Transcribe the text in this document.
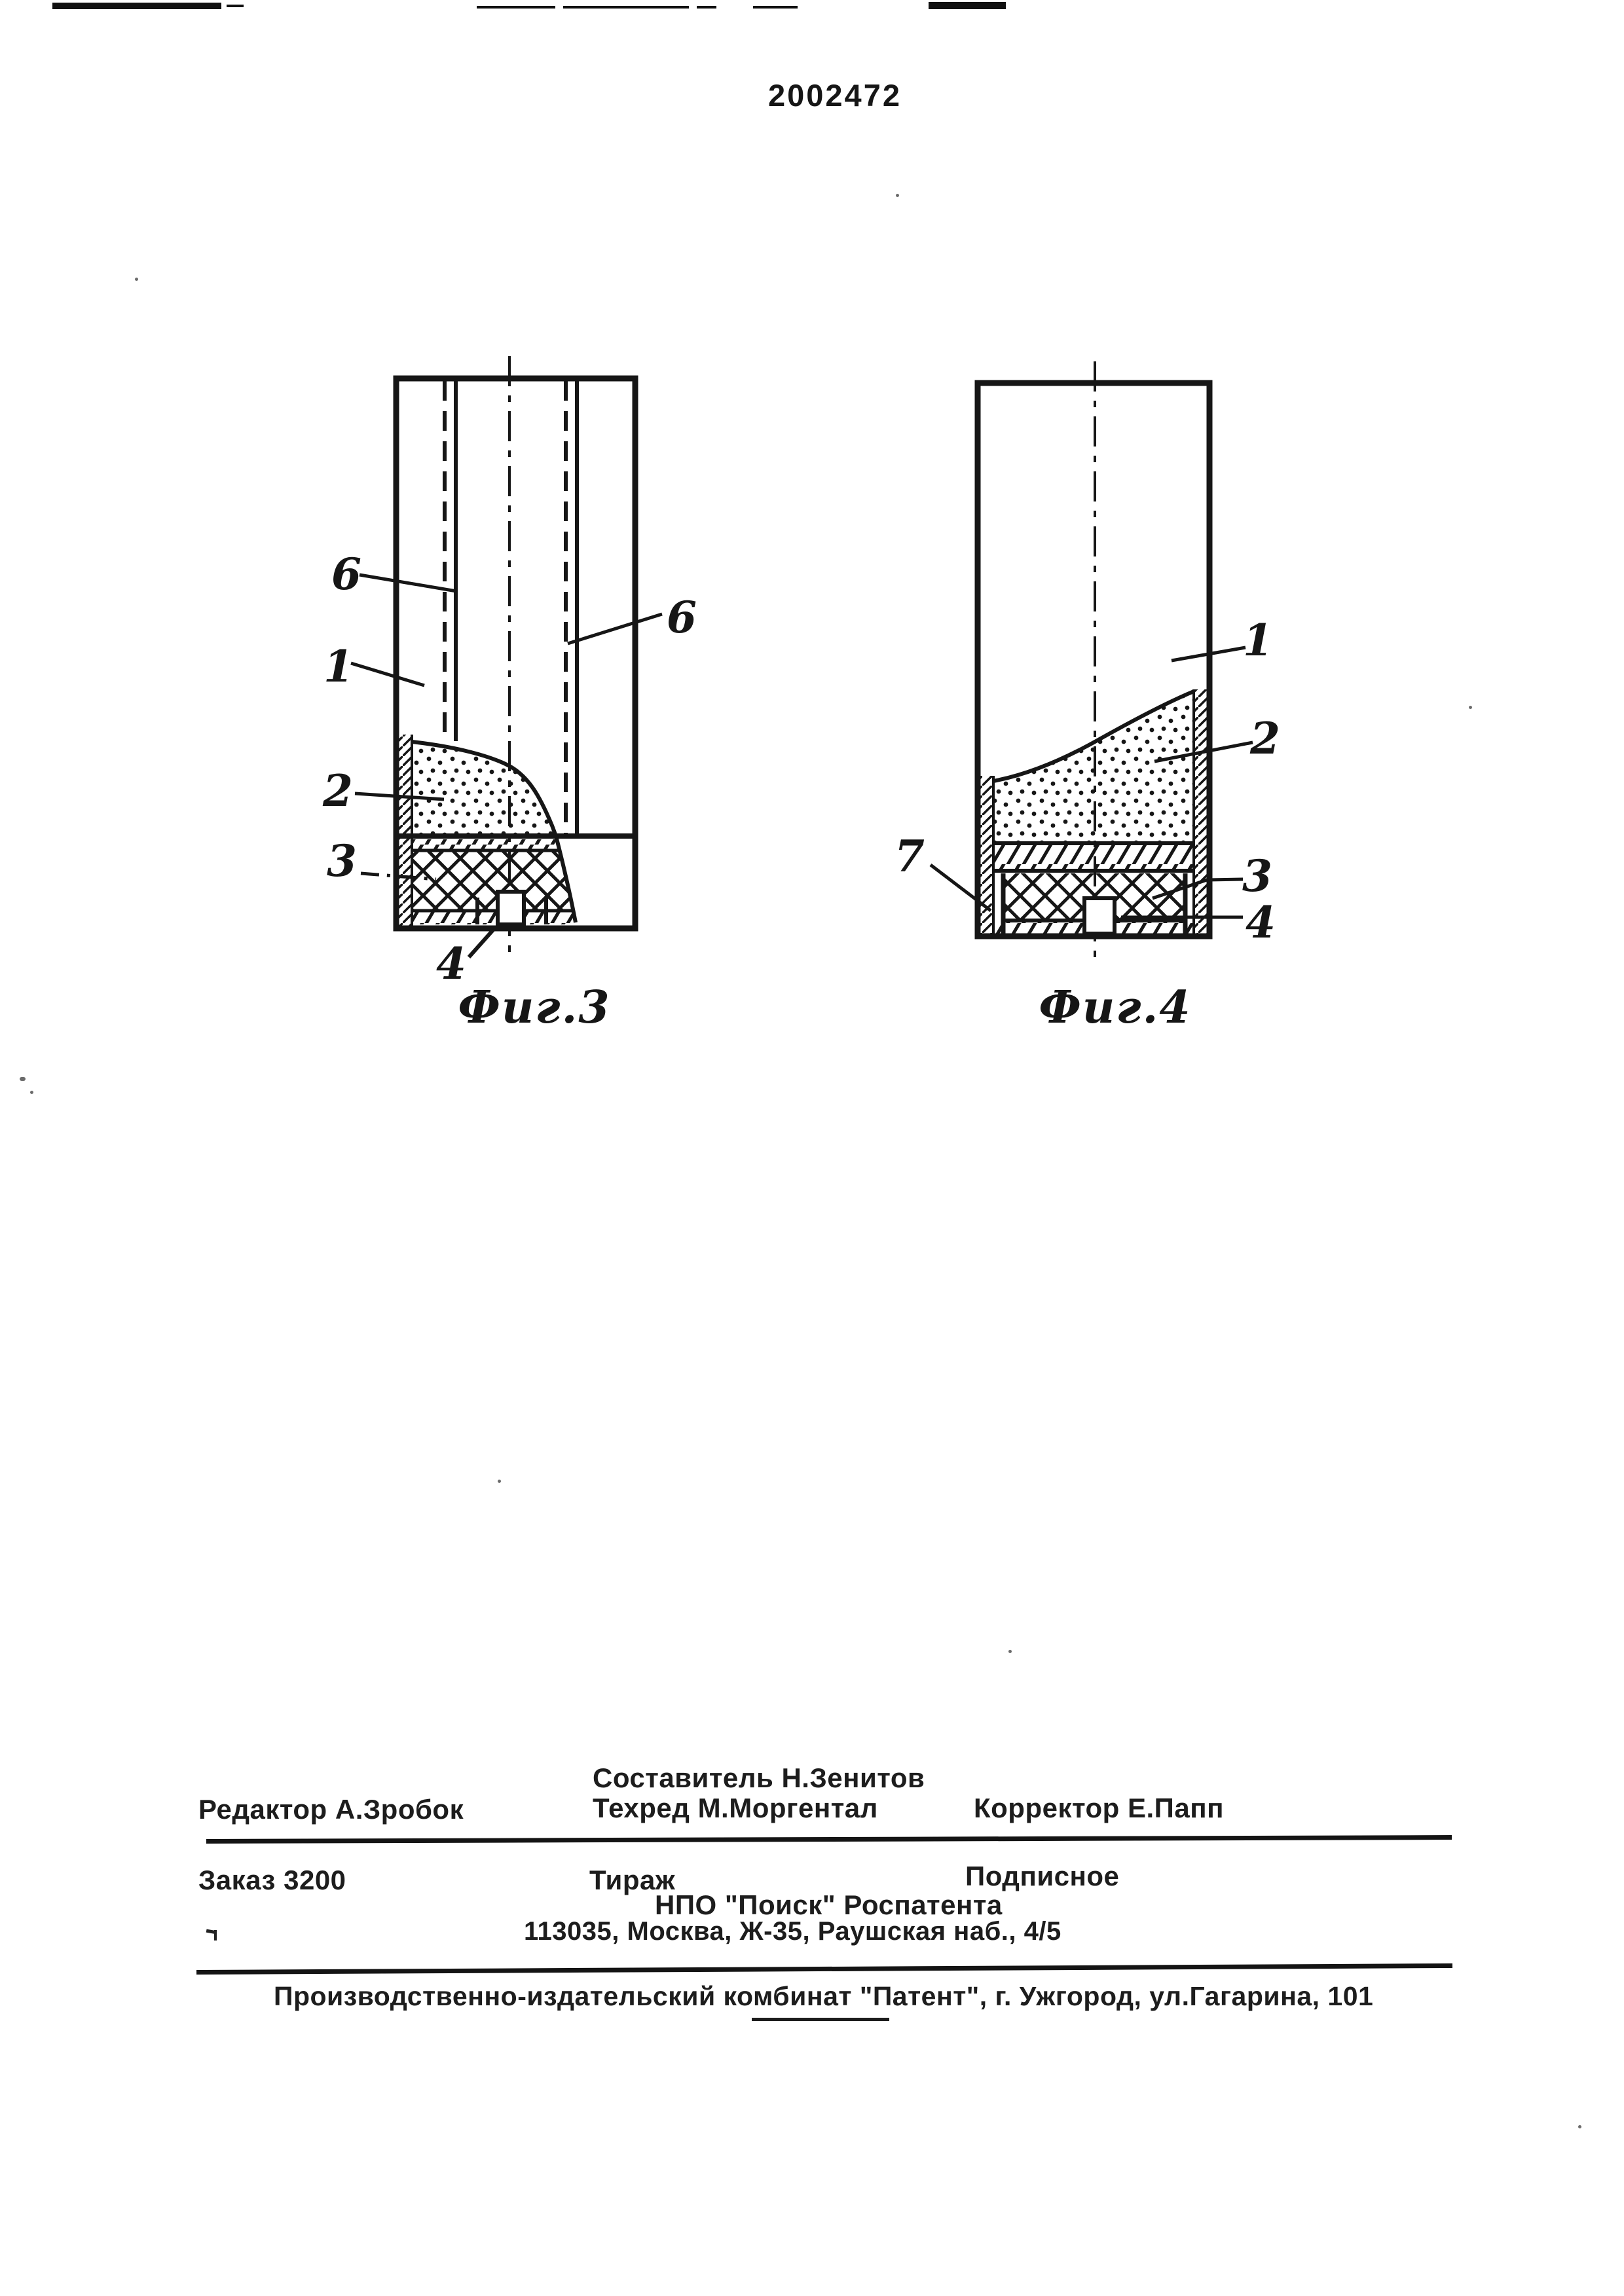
2002472
6
6
1
2
3
4
Фиг.3
1
2
7	3
4
Фиг.4
Составитель Н.Зенитов
Редактор А.Зробок	Техред М.Моргентал	Корректор Е.Папп
Заказ 3200	Тираж	Подписное
НПО "Поиск" Роспатента
113035, Москва, Ж-35, Раушская наб., 4/5
Производственно-издательский комбинат "Патент", г. Ужгород, ул.Гагарина, 101
